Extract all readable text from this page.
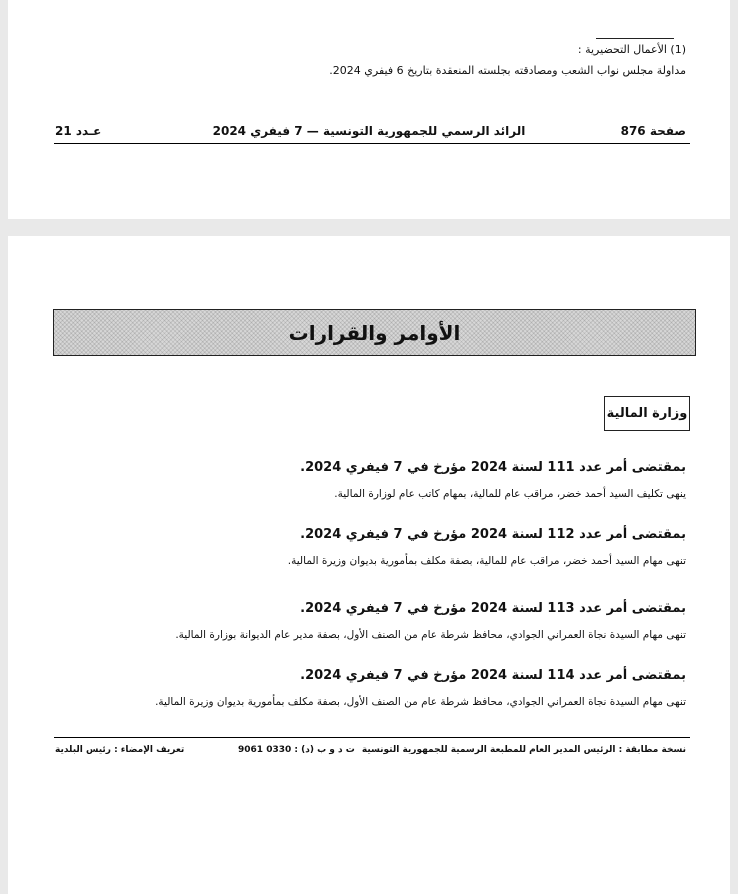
(1) الأعمال التحضيرية :
مداولة مجلس نواب الشعب ومصادقته بجلسته المنعقدة بتاريخ 6 فيفري 2024.
صفحة 876
الرائد الرسمي للجمهورية التونسية — 7 فيفري 2024
عـدد 21
الأوامر والقرارات
وزارة المالية
بمقتضى أمر عدد 111 لسنة 2024 مؤرخ في 7 فيفري 2024.
ينهى تكليف السيد أحمد خضر، مراقب عام للمالية، بمهام كاتب عام لوزارة المالية.
بمقتضى أمر عدد 112 لسنة 2024 مؤرخ في 7 فيفري 2024.
تنهى مهام السيد أحمد خضر، مراقب عام للمالية، بصفة مكلف بمأمورية بديوان وزيرة المالية.
بمقتضى أمر عدد 113 لسنة 2024 مؤرخ في 7 فيفري 2024.
تنهى مهام السيدة نجاة العمراني الجوادي، محافظ شرطة عام من الصنف الأول، بصفة مدير عام الديوانة بوزارة المالية.
بمقتضى أمر عدد 114 لسنة 2024 مؤرخ في 7 فيفري 2024.
تنهى مهام السيدة نجاة العمراني الجوادي، محافظ شرطة عام من الصنف الأول، بصفة مكلف بمأمورية بديوان وزيرة المالية.
نسخة مطابقة : الرئيس المدير العام للمطبعة الرسمية للجمهورية التونسية
ت د و ب (د) : 0330 9061
تعريف الإمضاء : رئيس البلدية
